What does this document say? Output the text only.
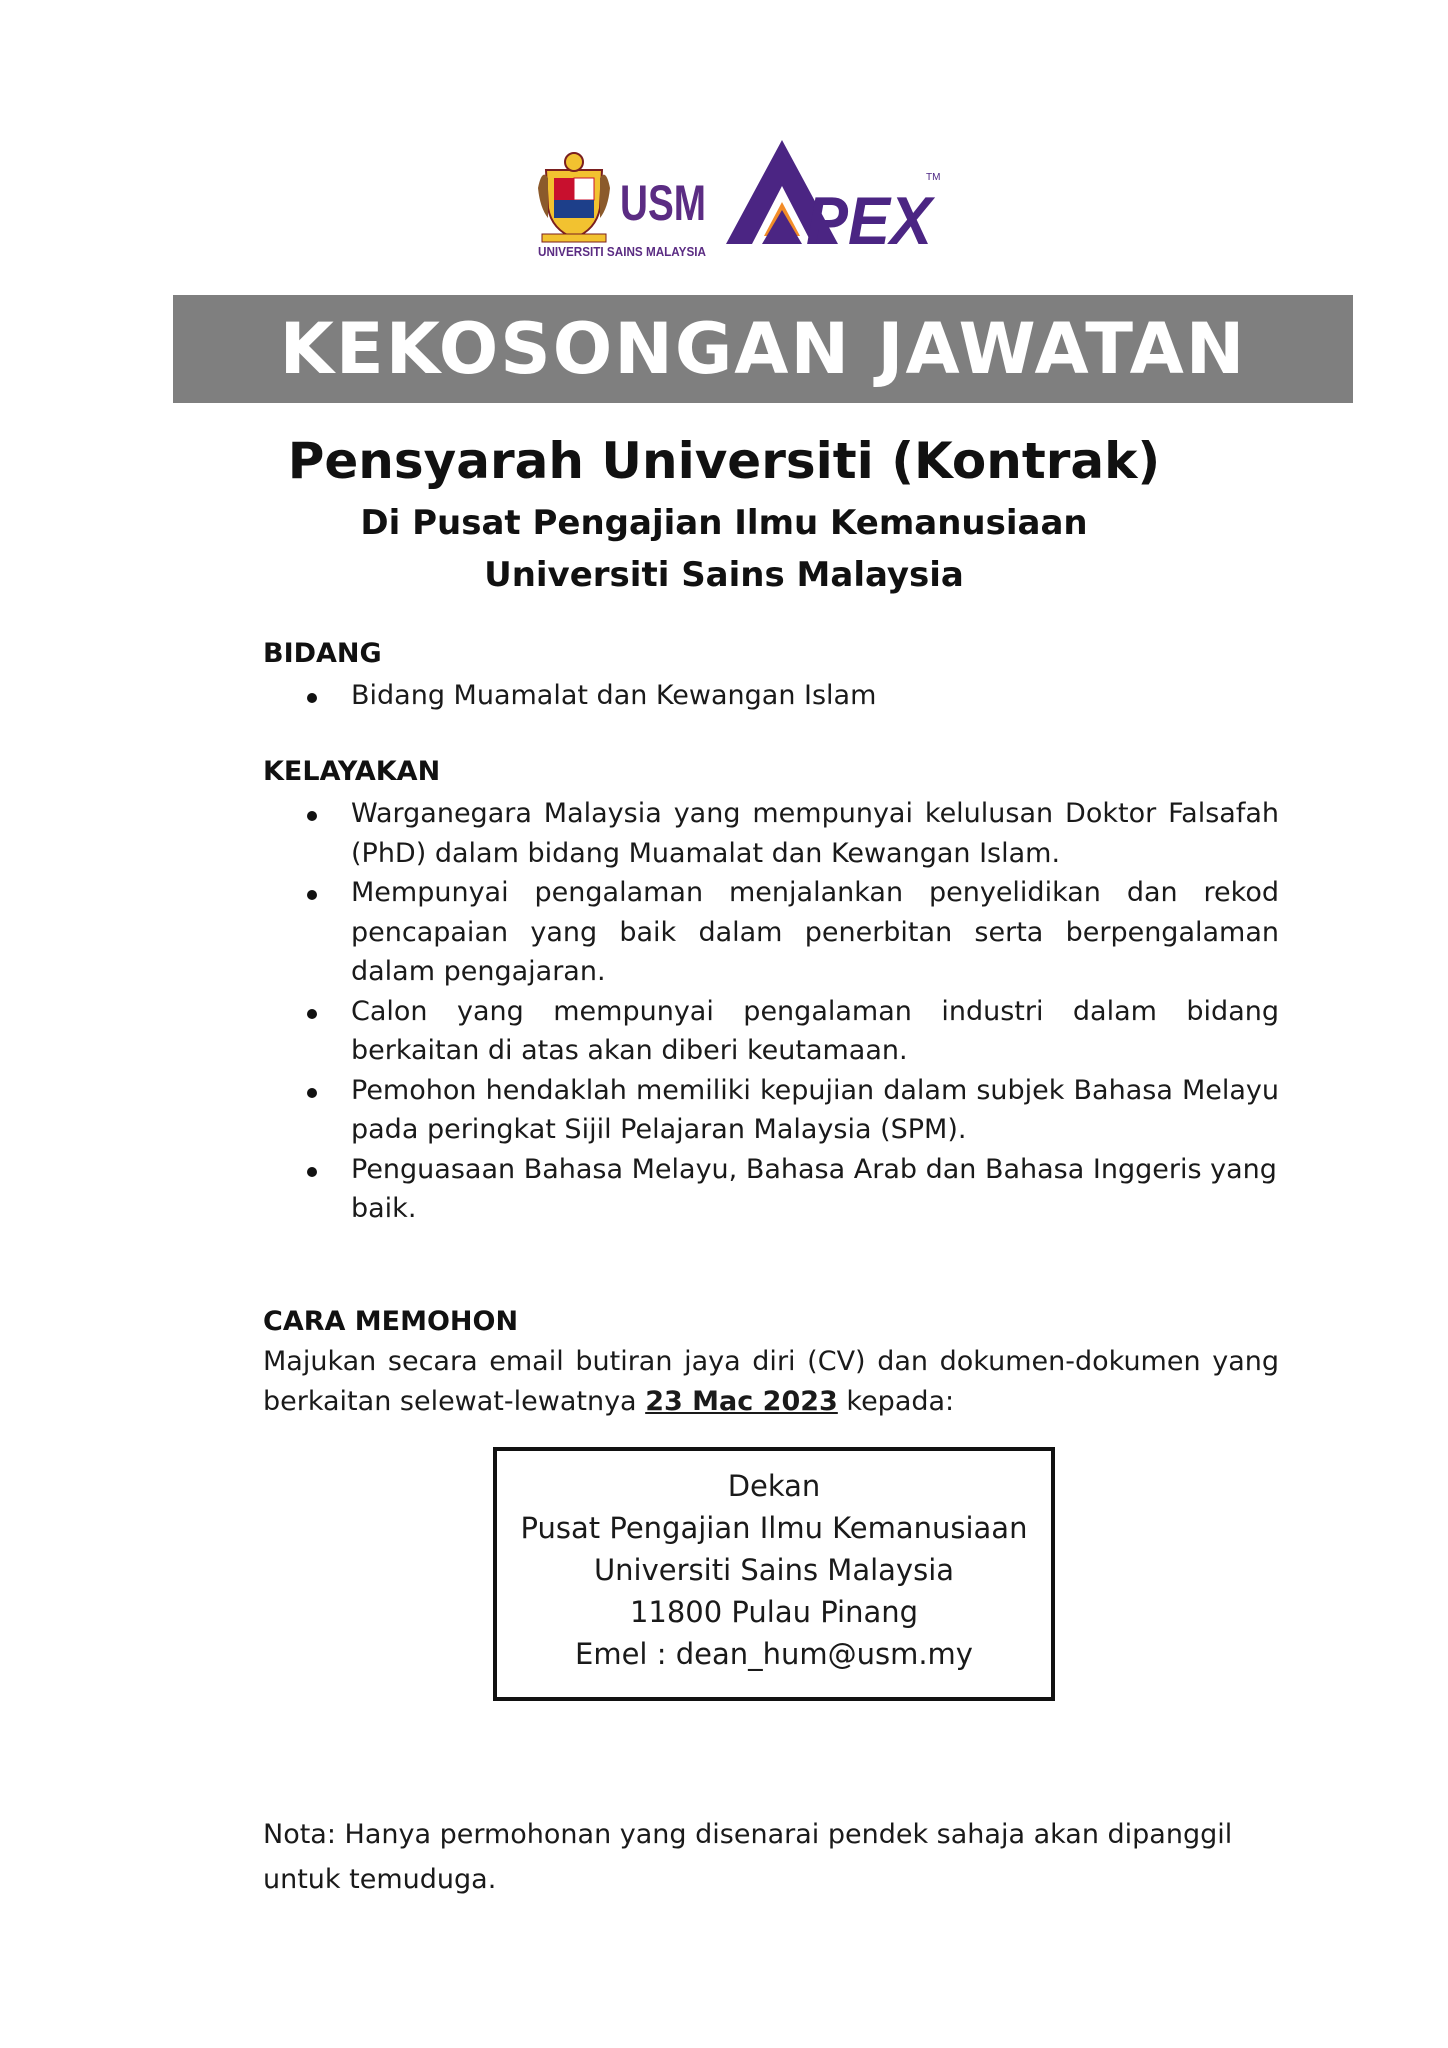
USM
UNIVERSITI SAINS MALAYSIA PEX
TM
KEKOSONGAN JAWATAN
Pensyarah Universiti (Kontrak)
Di Pusat Pengajian Ilmu Kemanusiaan
Universiti Sains Malaysia
BIDANG
Bidang Muamalat dan Kewangan Islam
KELAYAKAN
Warganegara Malaysia yang mempunyai kelulusan Doktor Falsafah (PhD) dalam bidang Muamalat dan Kewangan Islam.
Mempunyai pengalaman menjalankan penyelidikan dan rekod pencapaian yang baik dalam penerbitan serta berpengalaman dalam pengajaran.
Calon yang mempunyai pengalaman industri dalam bidang berkaitan di atas akan diberi keutamaan.
Pemohon hendaklah memiliki kepujian dalam subjek Bahasa Melayu pada peringkat Sijil Pelajaran Malaysia (SPM).
Penguasaan Bahasa Melayu, Bahasa Arab dan Bahasa Inggeris yang baik.
CARA MEMOHON
Majukan secara email butiran jaya diri (CV) dan dokumen-dokumen yang berkaitan selewat-lewatnya 23 Mac 2023 kepada:
Dekan
Pusat Pengajian Ilmu Kemanusiaan
Universiti Sains Malaysia
11800 Pulau Pinang
Emel : dean_hum@usm.my
Nota: Hanya permohonan yang disenarai pendek sahaja akan dipanggil untuk temuduga.
